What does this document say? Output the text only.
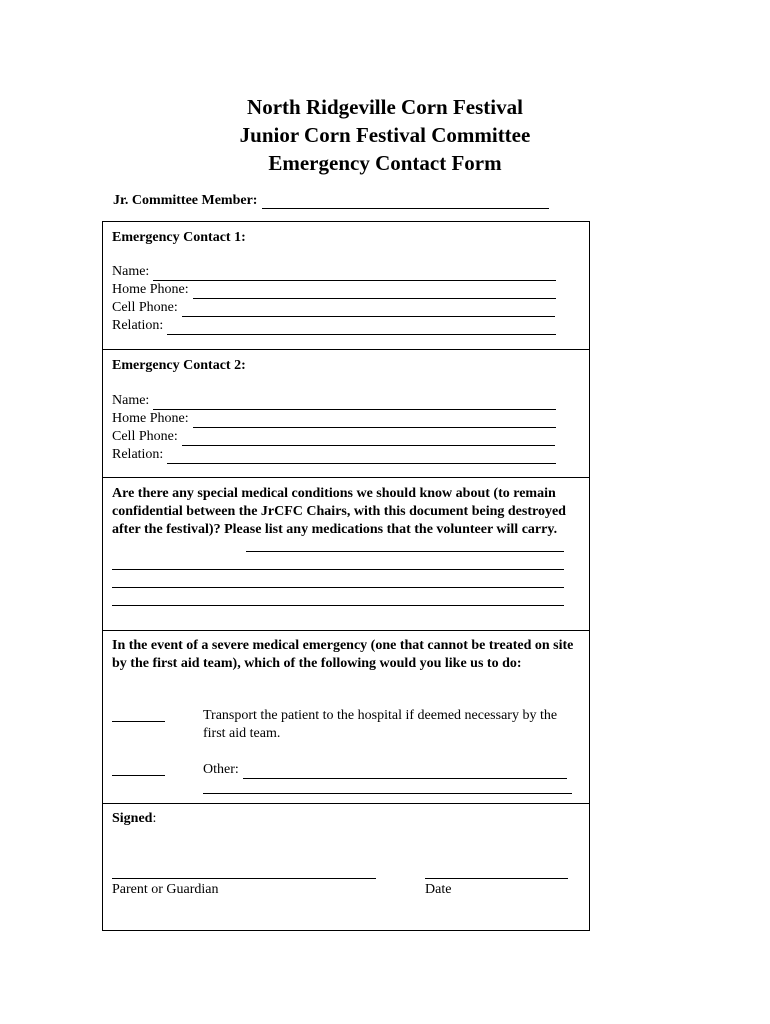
North Ridgeville Corn Festival
Junior Corn Festival Committee
Emergency Contact Form
Jr. Committee Member:
Emergency Contact 1:
Name:
Home Phone:
Cell Phone:
Relation:
Emergency Contact 2:
Name:
Home Phone:
Cell Phone:
Relation:
Are there any special medical conditions we should know about (to remain confidential between the JrCFC Chairs, with this document being destroyed after the festival)? Please list any medications that the volunteer will carry.
In the event of a severe medical emergency (one that cannot be treated on site by the first aid team), which of the following would you like us to do:
Transport the patient to the hospital if deemed necessary by the first aid team.
Other:
Signed:
Parent or Guardian	Date
